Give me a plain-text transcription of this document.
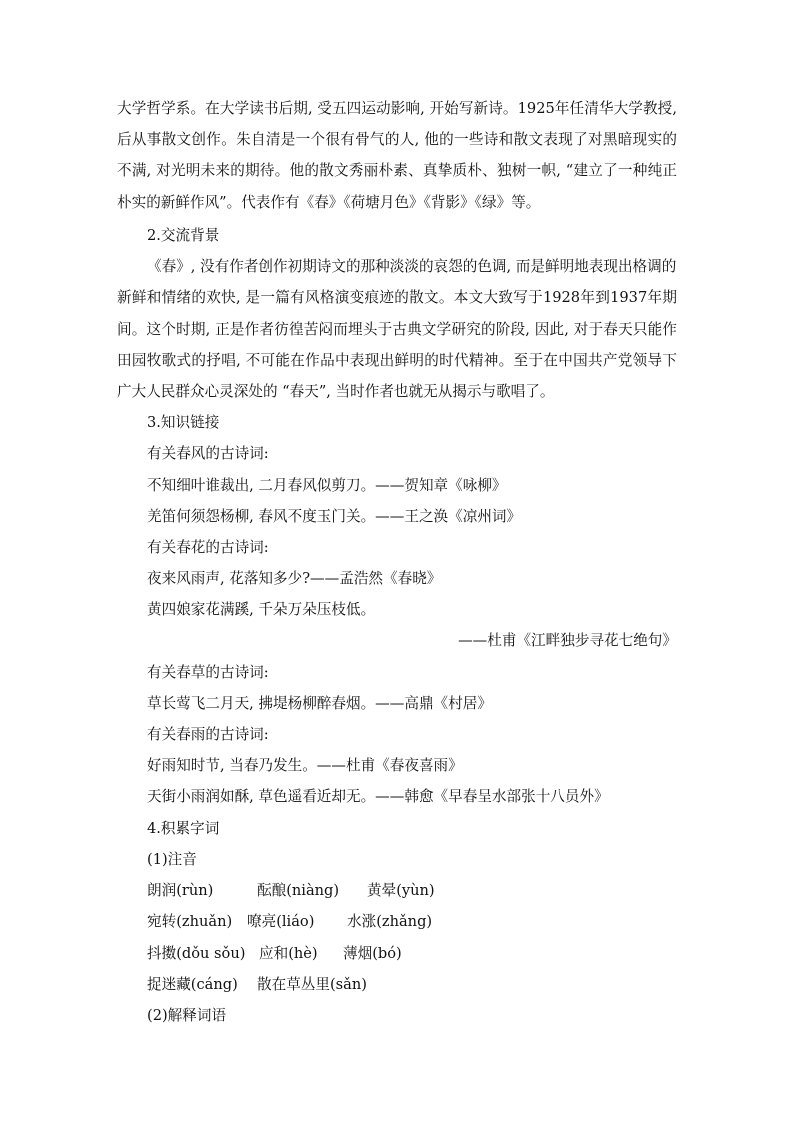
大学哲学系。在大学读书后期, 受五四运动影响, 开始写新诗。1925年任清华大学教授,
后从事散文创作。朱自清是一个很有骨气的人, 他的一些诗和散文表现了对黑暗现实的
不满, 对光明未来的期待。他的散文秀丽朴素、真挚质朴、独树一帜, “建立了一种纯正
朴实的新鲜作风”。代表作有《春》《荷塘月色》《背影》《绿》等。
2.交流背景
《春》, 没有作者创作初期诗文的那种淡淡的哀怨的色调, 而是鲜明地表现出格调的
新鲜和情绪的欢快, 是一篇有风格演变痕迹的散文。本文大致写于1928年到1937年期
间。这个时期, 正是作者彷徨苦闷而埋头于古典文学研究的阶段, 因此, 对于春天只能作
田园牧歌式的抒唱, 不可能在作品中表现出鲜明的时代精神。至于在中国共产党领导下
广大人民群众心灵深处的 “春天”, 当时作者也就无从揭示与歌唱了。
3.知识链接
有关春风的古诗词:
不知细叶谁裁出, 二月春风似剪刀。——贺知章《咏柳》
羌笛何须怨杨柳, 春风不度玉门关。——王之涣《凉州词》
有关春花的古诗词:
夜来风雨声, 花落知多少?——孟浩然《春晓》
黄四娘家花满蹊, 千朵万朵压枝低。
——杜甫《江畔独步寻花七绝句》
有关春草的古诗词:
草长莺飞二月天, 拂堤杨柳醉春烟。——高鼎《村居》
有关春雨的古诗词:
好雨知时节, 当春乃发生。——杜甫《春夜喜雨》
天街小雨润如酥, 草色遥看近却无。——韩愈《早春呈水部张十八员外》
4.积累字词
(1)注音
朗润(rùn)	酝酿(niàng) 黄晕(yùn)
宛转(zhuǎn) 嘹亮(liáo) 水涨(zhǎng)
抖擞(dǒu sǒu) 应和(hè) 薄烟(bó)
捉迷藏(cáng) 散在草丛里(sǎn)
(2)解释词语
